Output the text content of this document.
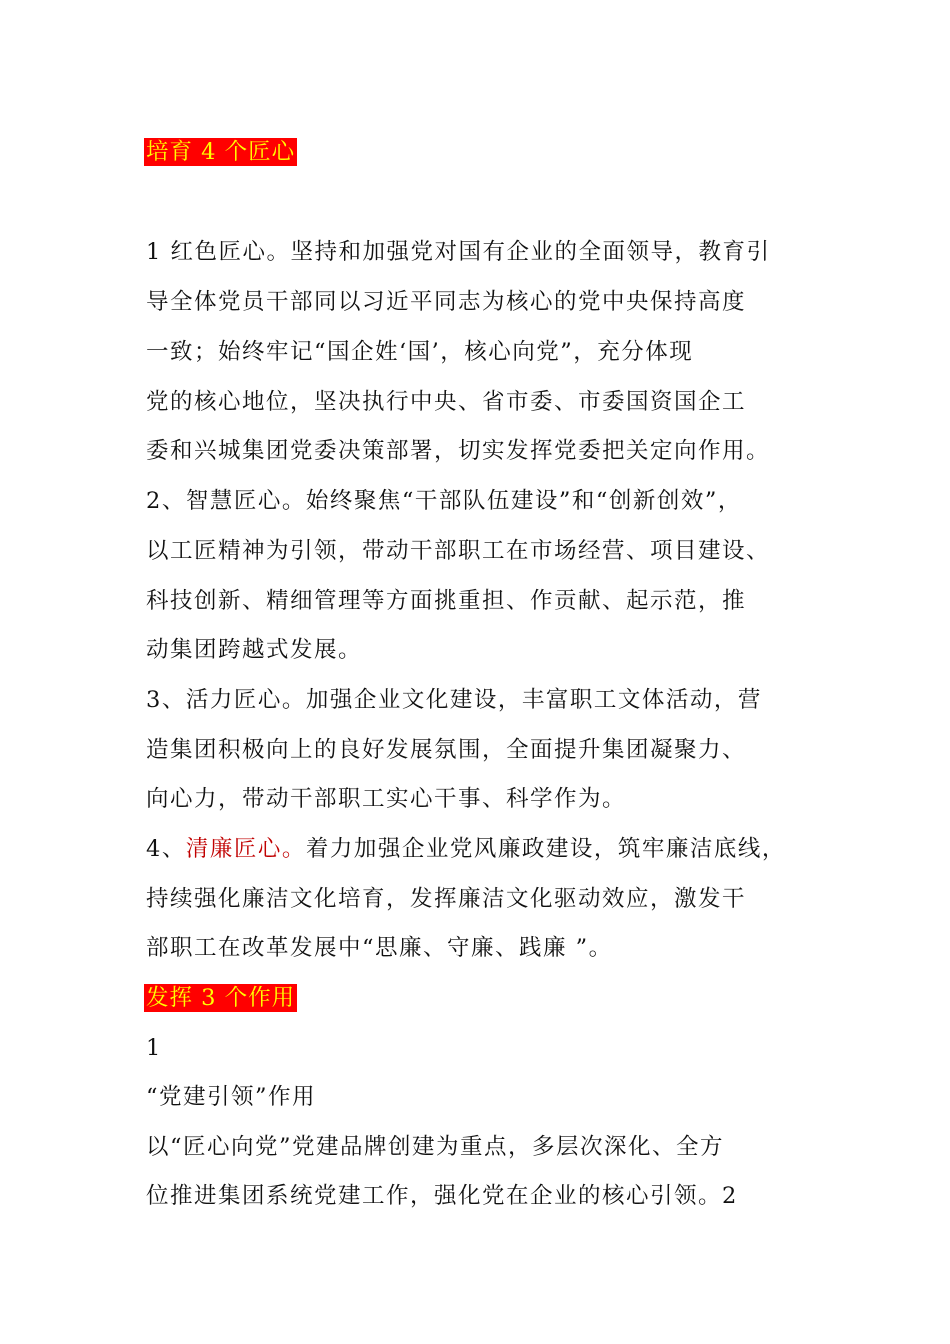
培育 4 个匠心
1 红色匠心。坚持和加强党对国有企业的全面领导，教育引
导全体党员干部同以习近平同志为核心的党中央保持高度
一致；始终牢记“国企姓‘国’，核心向党”，充分体现
党的核心地位，坚决执行中央、省市委、市委国资国企工
委和兴城集团党委决策部署，切实发挥党委把关定向作用。
2、智慧匠心。始终聚焦“干部队伍建设”和“创新创效”，
以工匠精神为引领，带动干部职工在市场经营、项目建设、
科技创新、精细管理等方面挑重担、作贡献、起示范，推
动集团跨越式发展。
3、活力匠心。加强企业文化建设，丰富职工文体活动，营
造集团积极向上的良好发展氛围，全面提升集团凝聚力、
向心力，带动干部职工实心干事、科学作为。
4、清廉匠心。着力加强企业党风廉政建设，筑牢廉洁底线，
持续强化廉洁文化培育，发挥廉洁文化驱动效应，激发干
部职工在改革发展中“思廉、守廉、践廉 ”。
发挥 3 个作用
1
“党建引领”作用
以“匠心向党”党建品牌创建为重点，多层次深化、全方
位推进集团系统党建工作，强化党在企业的核心引领。2
